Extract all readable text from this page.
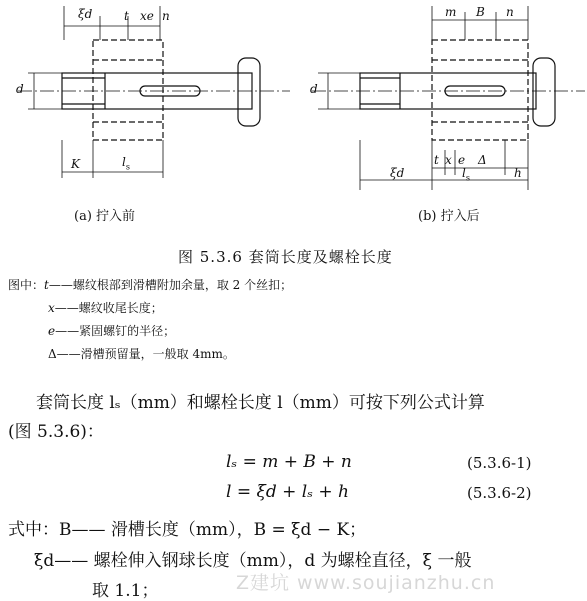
ξd	t xe n
d
K	$l_s$
m B n
d
ξd
t x e Δ
$l_s$	h
(a) 拧入前	(b) 拧入后
图 5.3.6 套筒长度及螺栓长度
图中：t——螺纹根部到滑槽附加余量，取 2 个丝扣；
x——螺纹收尾长度；
e——紧固螺钉的半径；
Δ——滑槽预留量，一般取 4mm。
套筒长度 lₛ（mm）和螺栓长度 l（mm）可按下列公式计算
(图 5.3.6)：
lₛ = m + B + n	(5.3.6-1)
l = ξd + lₛ + h	(5.3.6-2)
式中：B—— 滑槽长度（mm），B = ξd − K；
ξd—— 螺栓伸入钢球长度（mm），d 为螺栓直径，ξ 一般
取 1.1；	Ζ建坑 www.soujianzhu.cn
